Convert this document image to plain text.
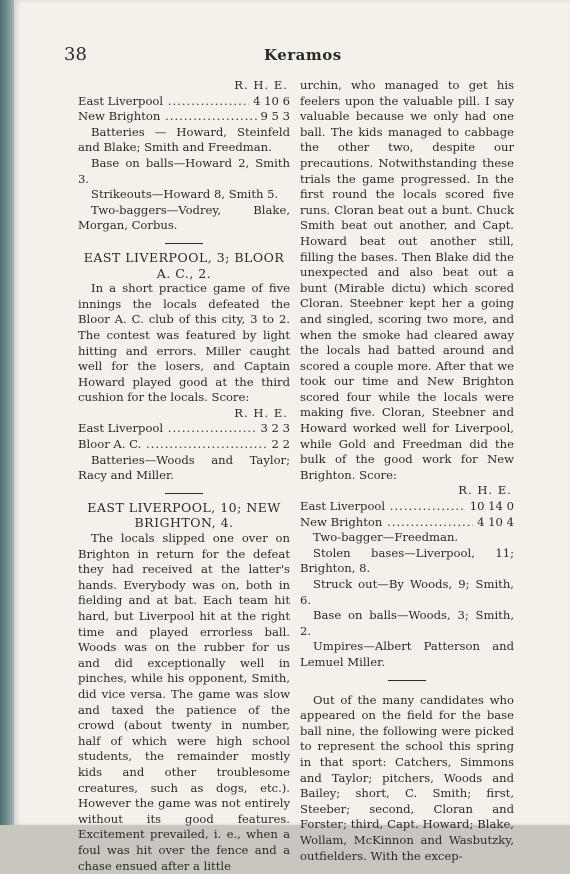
38	Keramos

R. H. E.

East Liverpool .....	4 10 6
New Brighton .....	9 5 3

Batteries — Howard, Steinfeld and Blake; Smith and Freedman.

Base on balls—Howard 2, Smith 3.

Strikeouts—Howard 8, Smith 5.

Two-baggers—Vodrey, Blake, Morgan, Corbus.

EAST LIVERPOOL, 3; BLOOR A. C., 2.

In a short practice game of five innings the locals defeated the Bloor A. C. club of this city, 3 to 2. The contest was featured by light hitting and errors. Miller caught well for the losers, and Captain Howard played good at the third cushion for the locals. Score:

R. H. E.

East Liverpool .....	3 2 3
Bloor A. C. .....	2 2

Batteries—Woods and Taylor; Racy and Miller.

EAST LIVERPOOL, 10; NEW BRIGHTON, 4.

The locals slipped one over on Brighton in return for the defeat they had received at the latter's hands. Everybody was on, both in fielding and at bat. Each team hit hard, but Liverpool hit at the right time and played errorless ball. Woods was on the rubber for us and did exceptionally well in pinches, while his opponent, Smith, did vice versa. The game was slow and taxed the patience of the crowd (about twenty in number, half of which were high school students, the remainder mostly kids and other troublesome creatures, such as dogs, etc.). However the game was not entirely without its good features. Excitement prevailed, i. e., when a foul was hit over the fence and a chase ensued after a little

urchin, who managed to get his feelers upon the valuable pill. I say valuable because we only had one ball. The kids managed to cabbage the other two, despite our precautions. Notwithstanding these trials the game progressed. In the first round the locals scored five runs. Cloran beat out a bunt. Chuck Smith beat out another, and Capt. Howard beat out another still, filling the bases. Then Blake did the unexpected and also beat out a bunt (Mirable dictu) which scored Cloran. Steebner kept her a going and singled, scoring two more, and when the smoke had cleared away the locals had batted around and scored a couple more. After that we took our time and New Brighton scored four while the locals were making five. Cloran, Steebner and Howard worked well for Liverpool, while Gold and Freedman did the bulk of the good work for New Brighton. Score:

R. H. E.

East Liverpool .....	10 14 0
New Brighton .....	4 10 4

Two-bagger—Freedman.

Stolen bases—Liverpool, 11; Brighton, 8.

Struck out—By Woods, 9; Smith, 6.

Base on balls—Woods, 3; Smith, 2.

Umpires—Albert Patterson and Lemuel Miller.

Out of the many candidates who appeared on the field for the base ball nine, the following were picked to represent the school this spring in that sport: Catchers, Simmons and Taylor; pitchers, Woods and Bailey; short, C. Smith; first, Steeber; second, Cloran and Forster; third, Capt. Howard; Blake, Wollam, McKinnon and Wasbutzky, outfielders. With the excep-
